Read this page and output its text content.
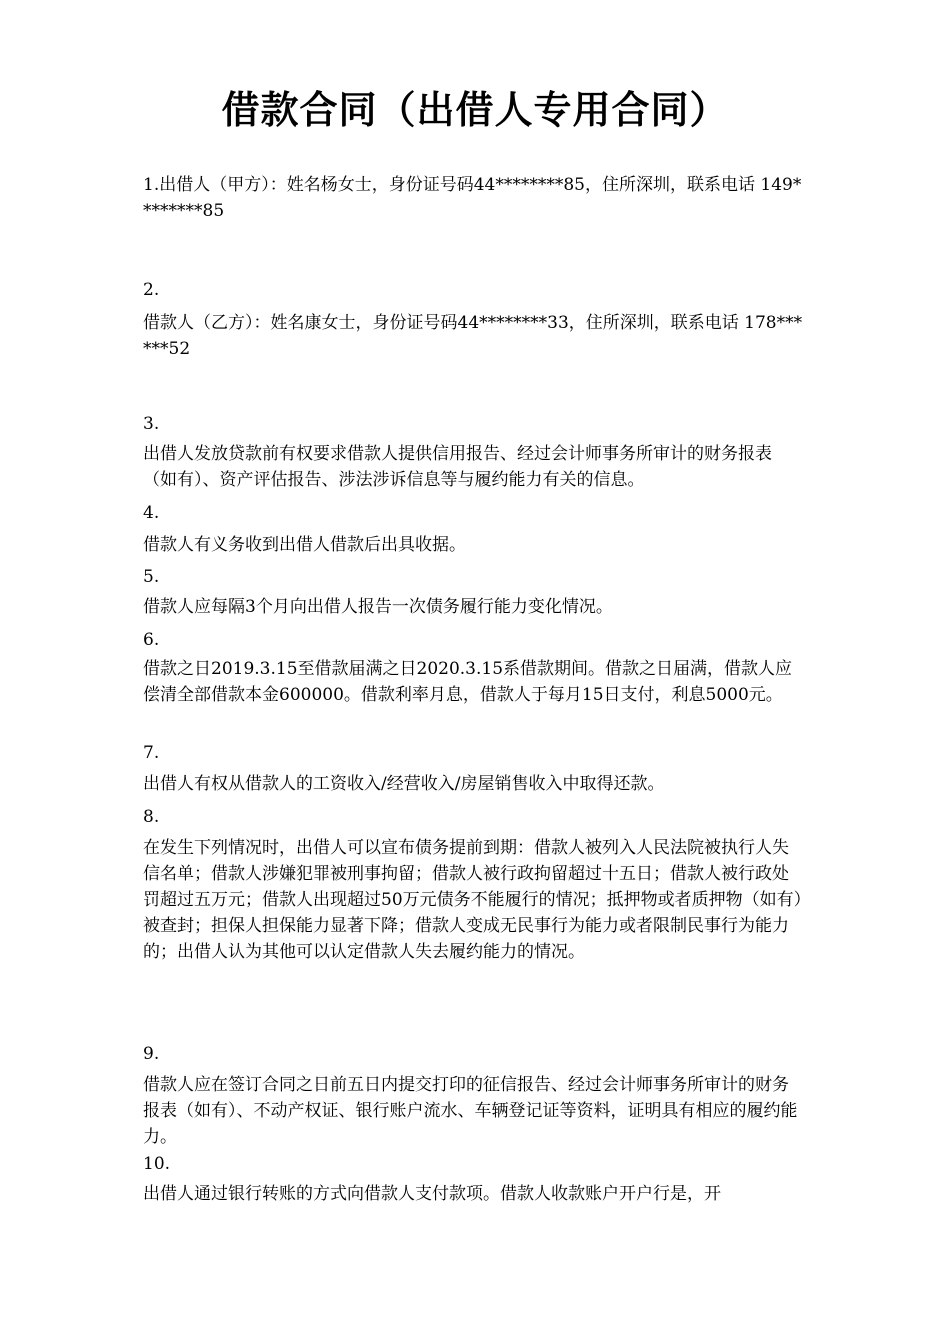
借款合同（出借人专用合同）
1.出借人（甲方）：姓名杨女士，身份证号码44********85，住所深圳，联系电话 149********85
2.
借款人（乙方）：姓名康女士，身份证号码44********33，住所深圳，联系电话 178******52
3.
出借人发放贷款前有权要求借款人提供信用报告、经过会计师事务所审计的财务报表（如有）、资产评估报告、涉法涉诉信息等与履约能力有关的信息。
4.
借款人有义务收到出借人借款后出具收据。
5.
借款人应每隔3个月向出借人报告一次债务履行能力变化情况。
6.
借款之日2019.3.15至借款届满之日2020.3.15系借款期间。借款之日届满，借款人应偿清全部借款本金600000。借款利率月息，借款人于每月15日支付，利息5000元。
7.
出借人有权从借款人的工资收入/经营收入/房屋销售收入中取得还款。
8.
在发生下列情况时，出借人可以宣布债务提前到期：借款人被列入人民法院被执行人失信名单；借款人涉嫌犯罪被刑事拘留；借款人被行政拘留超过十五日；借款人被行政处罚超过五万元；借款人出现超过50万元债务不能履行的情况；抵押物或者质押物（如有）被查封；担保人担保能力显著下降；借款人变成无民事行为能力或者限制民事行为能力的；出借人认为其他可以认定借款人失去履约能力的情况。
9.
借款人应在签订合同之日前五日内提交打印的征信报告、经过会计师事务所审计的财务报表（如有）、不动产权证、银行账户流水、车辆登记证等资料，证明具有相应的履约能力。
10.
出借人通过银行转账的方式向借款人支付款项。借款人收款账户开户行是，开
